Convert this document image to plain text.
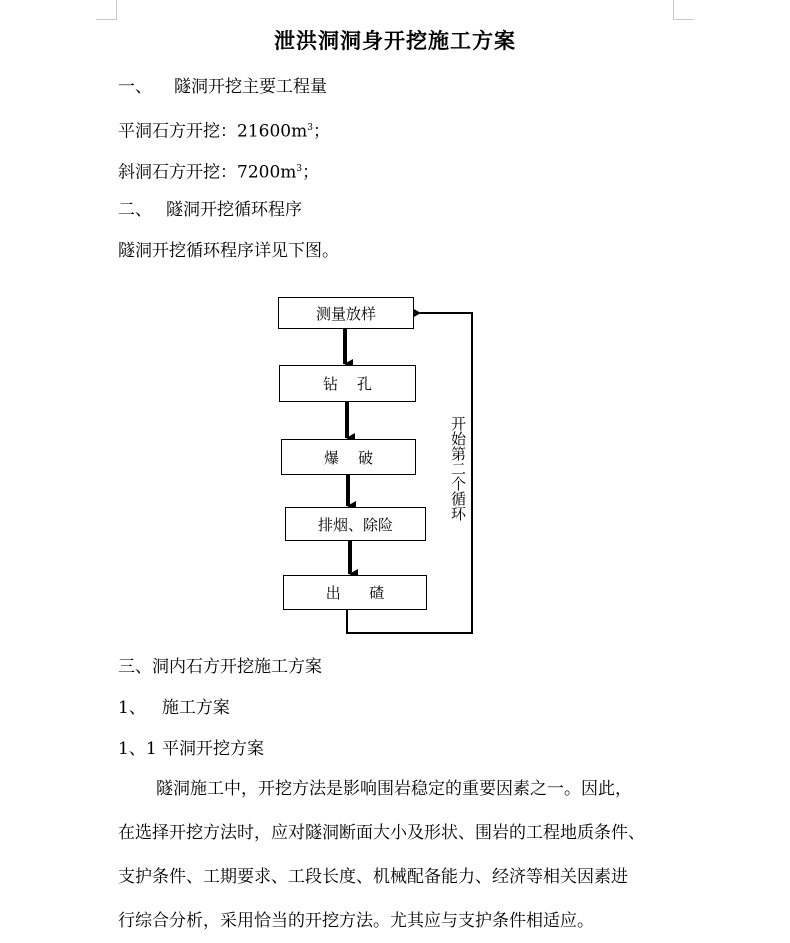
泄洪洞洞身开挖施工方案
一、 隧洞开挖主要工程量
平洞石方开挖：$21600m^3$；
斜洞石方开挖：$7200m^3$；
二、 隧洞开挖循环程序
隧洞开挖循环程序详见下图。
测量放样
钻    孔
爆    破
排烟、除险
出      碴
开始第二个循环
三、洞内石方开挖施工方案
1、 施工方案
1、1 平洞开挖方案
隧洞施工中，开挖方法是影响围岩稳定的重要因素之一。因此，
在选择开挖方法时，应对隧洞断面大小及形状、围岩的工程地质条件、
支护条件、工期要求、工段长度、机械配备能力、经济等相关因素进
行综合分析，采用恰当的开挖方法。尤其应与支护条件相适应。
